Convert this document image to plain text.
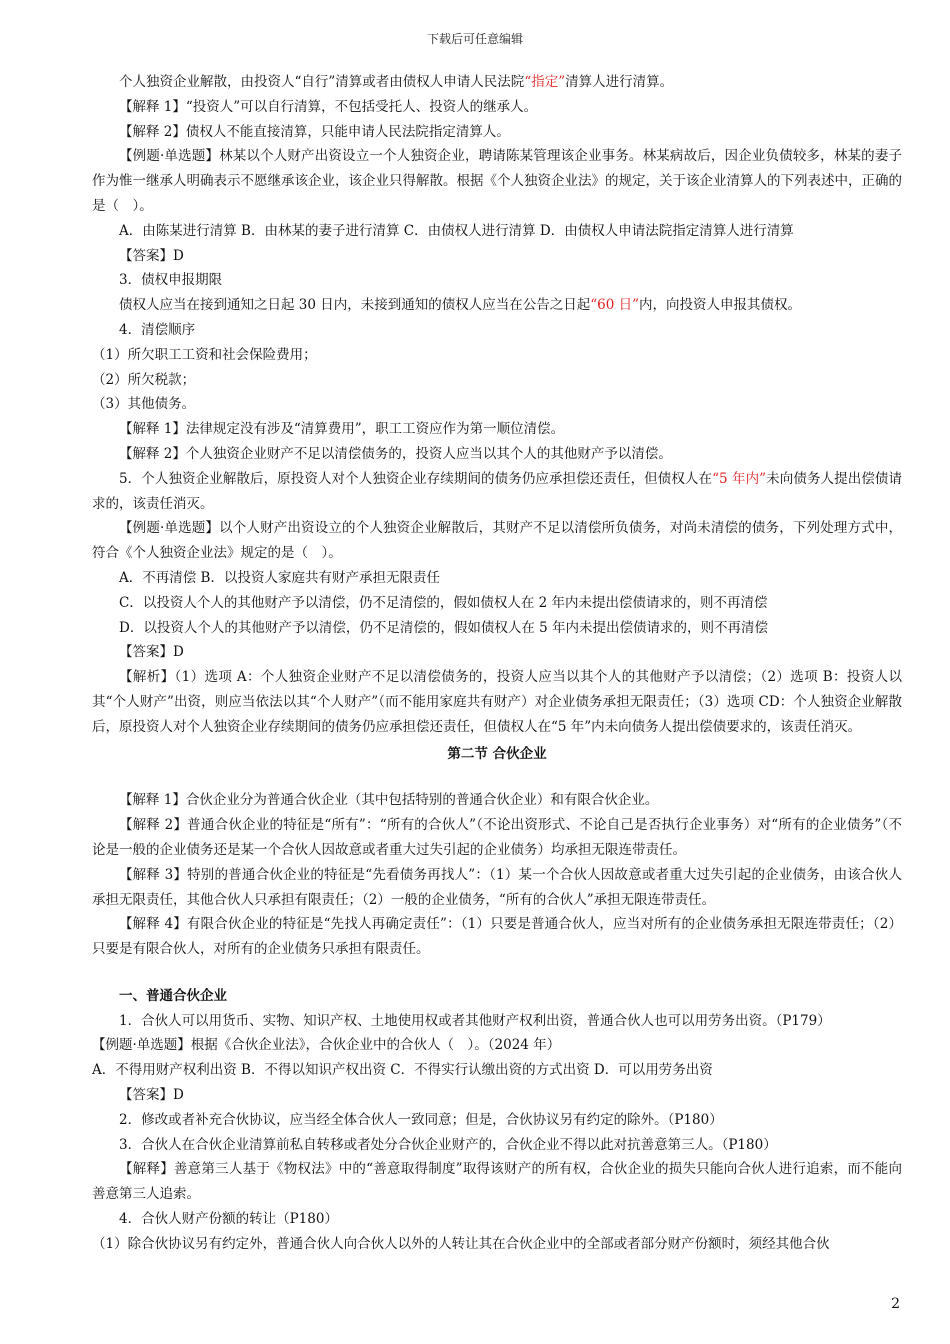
下载后可任意编辑

个人独资企业解散，由投资人“自行”清算或者由债权人申请人民法院“指定”清算人进行清算。

【解释 1】“投资人”可以自行清算，不包括受托人、投资人的继承人。

【解释 2】债权人不能直接清算，只能申请人民法院指定清算人。

【例题·单选题】林某以个人财产出资设立一个人独资企业，聘请陈某管理该企业事务。林某病故后，因企业负债较多，林某的妻子作为惟一继承人明确表示不愿继承该企业，该企业只得解散。根据《个人独资企业法》的规定，关于该企业清算人的下列表述中，正确的是（　）。

A．由陈某进行清算 B．由林某的妻子进行清算 C．由债权人进行清算 D．由债权人申请法院指定清算人进行清算

【答案】D

3．债权申报期限

债权人应当在接到通知之日起 30 日内，未接到通知的债权人应当在公告之日起“60 日”内，向投资人申报其债权。

4．清偿顺序

（1）所欠职工工资和社会保险费用；

（2）所欠税款；

（3）其他债务。

【解释 1】法律规定没有涉及“清算费用”，职工工资应作为第一顺位清偿。

【解释 2】个人独资企业财产不足以清偿债务的，投资人应当以其个人的其他财产予以清偿。

5．个人独资企业解散后，原投资人对个人独资企业存续期间的债务仍应承担偿还责任，但债权人在“5 年内”未向债务人提出偿债请求的，该责任消灭。

【例题·单选题】以个人财产出资设立的个人独资企业解散后，其财产不足以清偿所负债务，对尚未清偿的债务，下列处理方式中，符合《个人独资企业法》规定的是（　）。

A．不再清偿 B．以投资人家庭共有财产承担无限责任

C．以投资人个人的其他财产予以清偿，仍不足清偿的，假如债权人在 2 年内未提出偿债请求的，则不再清偿

D．以投资人个人的其他财产予以清偿，仍不足清偿的，假如债权人在 5 年内未提出偿债请求的，则不再清偿

【答案】D

【解析】（1）选项 A：个人独资企业财产不足以清偿债务的，投资人应当以其个人的其他财产予以清偿；（2）选项 B：投资人以其“个人财产”出资，则应当依法以其“个人财产”（而不能用家庭共有财产）对企业债务承担无限责任；（3）选项 CD：个人独资企业解散后，原投资人对个人独资企业存续期间的债务仍应承担偿还责任，但债权人在“5 年”内未向债务人提出偿债要求的，该责任消灭。

第二节 合伙企业

【解释 1】合伙企业分为普通合伙企业（其中包括特别的普通合伙企业）和有限合伙企业。

【解释 2】普通合伙企业的特征是“所有”：“所有的合伙人”（不论出资形式、不论自己是否执行企业事务）对“所有的企业债务”（不论是一般的企业债务还是某一个合伙人因故意或者重大过失引起的企业债务）均承担无限连带责任。

【解释 3】特别的普通合伙企业的特征是“先看债务再找人”：（1）某一个合伙人因故意或者重大过失引起的企业债务，由该合伙人承担无限责任，其他合伙人只承担有限责任；（2）一般的企业债务，“所有的合伙人”承担无限连带责任。

【解释 4】有限合伙企业的特征是“先找人再确定责任”：（1）只要是普通合伙人，应当对所有的企业债务承担无限连带责任；（2）只要是有限合伙人，对所有的企业债务只承担有限责任。

一、普通合伙企业

1．合伙人可以用货币、实物、知识产权、土地使用权或者其他财产权利出资，普通合伙人也可以用劳务出资。（P179）

【例题·单选题】根据《合伙企业法》，合伙企业中的合伙人（　）。（2024 年）

A．不得用财产权利出资 B．不得以知识产权出资 C．不得实行认缴出资的方式出资 D．可以用劳务出资

【答案】D

2．修改或者补充合伙协议，应当经全体合伙人一致同意；但是，合伙协议另有约定的除外。（P180）

3．合伙人在合伙企业清算前私自转移或者处分合伙企业财产的，合伙企业不得以此对抗善意第三人。（P180）

【解释】善意第三人基于《物权法》中的“善意取得制度”取得该财产的所有权，合伙企业的损失只能向合伙人进行追索，而不能向善意第三人追索。

4．合伙人财产份额的转让（P180）

（1）除合伙协议另有约定外，普通合伙人向合伙人以外的人转让其在合伙企业中的全部或者部分财产份额时，须经其他合伙

2
